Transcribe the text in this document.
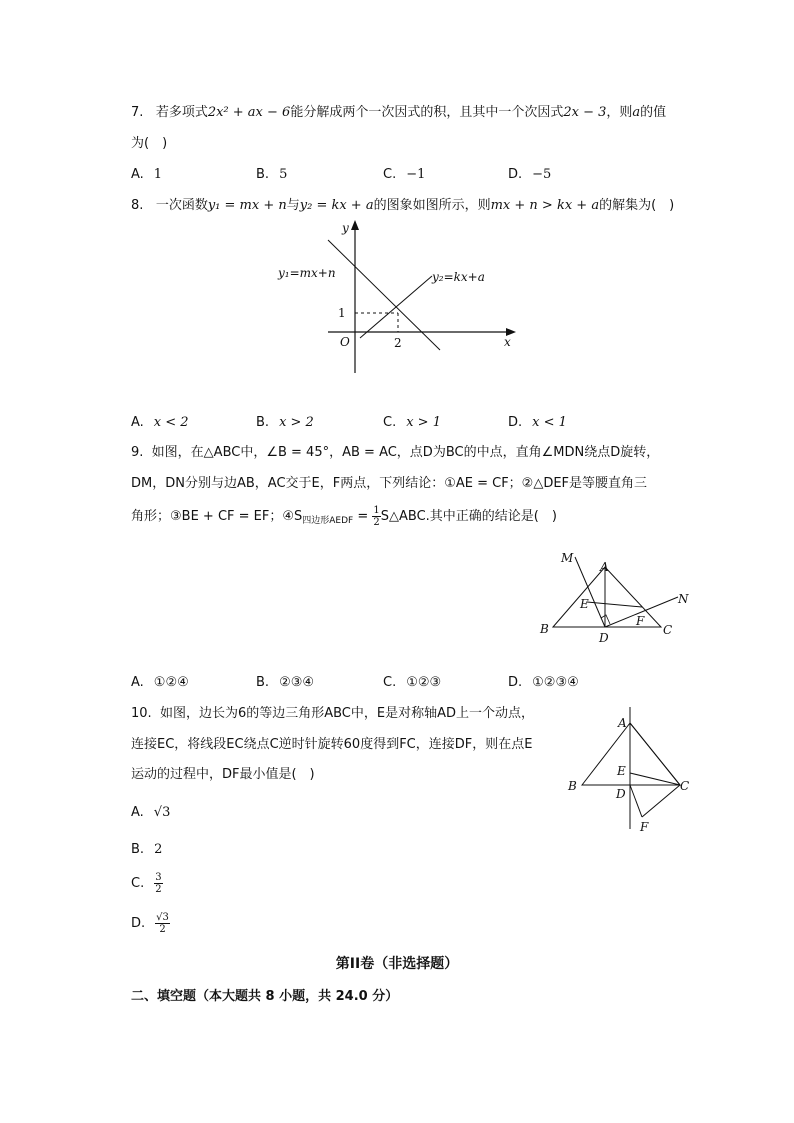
7. 若多项式2x² + ax − 6能分解成两个一次因式的积，且其中一个次因式2x − 3，则a的值
为(　)
A. 1	B. 5	C. −1	D. −5
8. 一次函数y₁ = mx + n与y₂ = kx + a的图象如图所示，则mx + n > kx + a的解集为(　)
y
x
O
1
2
y₁=mx+n	y₂=kx+a
A. x < 2	B. x > 2	C. x > 1	D. x < 1
9. 如图，在△ABC中，∠B = 45°，AB = AC，点D为BC的中点，直角∠MDN绕点D旋转，
DM，DN分别与边AB，AC交于E，F两点，下列结论：①AE = CF；②△DEF是等腰直角三
角形；③BE + CF = EF；$④S_{四边形AEDF} = \frac{1}{2}$ S△ABC.其中正确的结论是(　)
M
A
N
E
F
B
D
C
A. ①②④	B. ②③④	C. ①②③	D. ①②③④
10. 如图，边长为6的等边三角形ABC中，E是对称轴AD上一个动点，
连接EC，将线段EC绕点C逆时针旋转60度得到FC，连接DF，则在点E
运动的过程中，DF最小值是(　)
A
B	C
D
E
F
A. √3
B. 2
C. $\frac{3}{2}$
D. $\frac{√3}{2}$
第II卷（非选择题）
二、填空题（本大题共 8 小题，共 24.0 分）
